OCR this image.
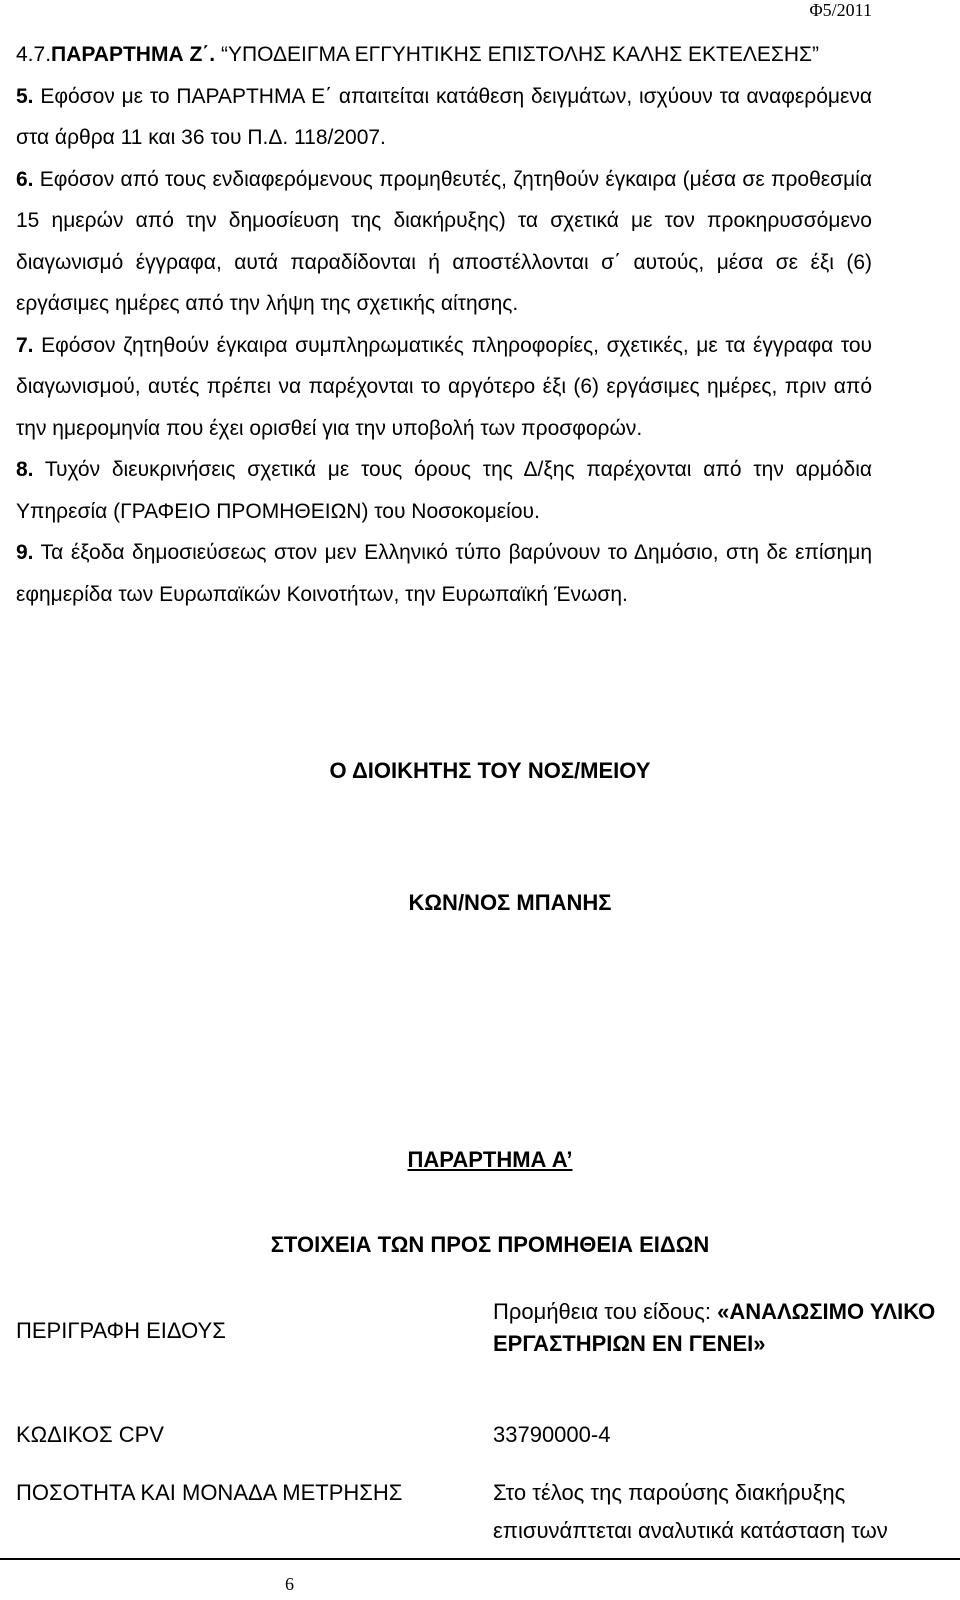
Φ5/2011

4.7.ΠΑΡΑΡΤΗΜΑ Ζ΄. “ΥΠΟΔΕΙΓΜΑ ΕΓΓΥΗΤΙΚΗΣ ΕΠΙΣΤΟΛΗΣ ΚΑΛΗΣ ΕΚΤΕΛΕΣΗΣ”

5. Εφόσον με το ΠΑΡΑΡΤΗΜΑ Ε΄ απαιτείται κατάθεση δειγμάτων, ισχύουν τα αναφερόμενα στα άρθρα 11 και 36 του Π.Δ. 118/2007.

6. Εφόσον από τους ενδιαφερόμενους προμηθευτές, ζητηθούν έγκαιρα (μέσα σε προθεσμία 15 ημερών από την δημοσίευση της διακήρυξης) τα σχετικά με τον προκηρυσσόμενο διαγωνισμό έγγραφα, αυτά παραδίδονται ή αποστέλλονται σ΄ αυτούς, μέσα σε έξι (6) εργάσιμες ημέρες από την λήψη της σχετικής αίτησης.

7. Εφόσον ζητηθούν έγκαιρα συμπληρωματικές πληροφορίες, σχετικές, με τα έγγραφα του διαγωνισμού, αυτές πρέπει να παρέχονται το αργότερο έξι (6) εργάσιμες ημέρες, πριν από την ημερομηνία που έχει ορισθεί για την υποβολή των προσφορών.

8. Τυχόν διευκρινήσεις σχετικά με τους όρους της Δ/ξης παρέχονται από την αρμόδια Υπηρεσία (ΓΡΑΦΕΙΟ ΠΡΟΜΗΘΕΙΩΝ) του Νοσοκομείου.

9. Τα έξοδα δημοσιεύσεως στον μεν Ελληνικό τύπο βαρύνουν το Δημόσιο, στη δε επίσημη εφημερίδα των Ευρωπαϊκών Κοινοτήτων, την Ευρωπαϊκή Ένωση.

Ο ΔΙΟΙΚΗΤΗΣ ΤΟΥ ΝΟΣ/ΜΕΙΟΥ
ΚΩΝ/ΝΟΣ ΜΠΑΝΗΣ
ΠΑΡΑΡΤΗΜΑ Α’
ΣΤΟΙΧΕΙΑ ΤΩΝ ΠΡΟΣ ΠΡΟΜΗΘΕΙΑ ΕΙΔΩΝ
ΠΕΡΙΓΡΑΦΗ ΕΙΔΟΥΣ
Προμήθεια του είδους: «ΑΝΑΛΩΣΙΜΟ ΥΛΙΚΟ ΕΡΓΑΣΤΗΡΙΩΝ ΕΝ ΓΕΝΕΙ»
ΚΩΔΙΚΟΣ CPV	33790000-4
ΠΟΣΟΤΗΤΑ ΚΑΙ ΜΟΝΑΔΑ ΜΕΤΡΗΣΗΣ	Στο τέλος της παρούσης διακήρυξης επισυνάπτεται αναλυτικά κατάσταση των
6
